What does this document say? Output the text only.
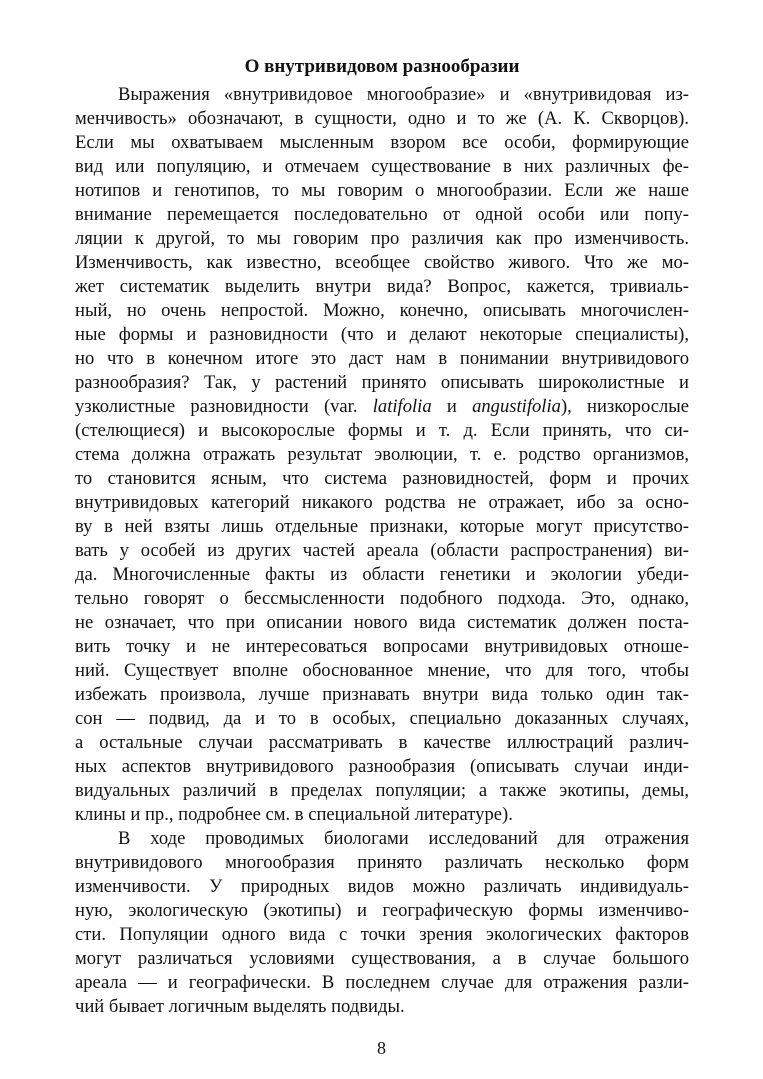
О внутривидовом разнообразии
Выражения «внутривидовое многообразие» и «внутривидовая из-
менчивость» обозначают, в сущности, одно и то же (А. К. Скворцов).
Если мы охватываем мысленным взором все особи, формирующие
вид или популяцию, и отмечаем существование в них различных фе-
нотипов и генотипов, то мы говорим о многообразии. Если же наше
внимание перемещается последовательно от одной особи или попу-
ляции к другой, то мы говорим про различия как про изменчивость.
Изменчивость, как известно, всеобщее свойство живого. Что же мо-
жет систематик выделить внутри вида? Вопрос, кажется, тривиаль-
ный, но очень непростой. Можно, конечно, описывать многочислен-
ные формы и разновидности (что и делают некоторые специалисты),
но что в конечном итоге это даст нам в понимании внутривидового
разнообразия? Так, у растений принято описывать широколистные и
узколистные разновидности (var. latifolia и angustifolia), низкорослые
(стелющиеся) и высокорослые формы и т. д. Если принять, что си-
стема должна отражать результат эволюции, т. е. родство организмов,
то становится ясным, что система разновидностей, форм и прочих
внутривидовых категорий никакого родства не отражает, ибо за осно-
ву в ней взяты лишь отдельные признаки, которые могут присутство-
вать у особей из других частей ареала (области распространения) ви-
да. Многочисленные факты из области генетики и экологии убеди-
тельно говорят о бессмысленности подобного подхода. Это, однако,
не означает, что при описании нового вида систематик должен поста-
вить точку и не интересоваться вопросами внутривидовых отноше-
ний. Существует вполне обоснованное мнение, что для того, чтобы
избежать произвола, лучше признавать внутри вида только один так-
сон — подвид, да и то в особых, специально доказанных случаях,
а остальные случаи рассматривать в качестве иллюстраций различ-
ных аспектов внутривидового разнообразия (описывать случаи инди-
видуальных различий в пределах популяции; а также экотипы, демы,
клины и пр., подробнее см. в специальной литературе).
В ходе проводимых биологами исследований для отражения
внутривидового многообразия принято различать несколько форм
изменчивости. У природных видов можно различать индивидуаль-
ную, экологическую (экотипы) и географическую формы изменчиво-
сти. Популяции одного вида с точки зрения экологических факторов
могут различаться условиями существования, а в случае большого
ареала — и географически. В последнем случае для отражения разли-
чий бывает логичным выделять подвиды.
8
